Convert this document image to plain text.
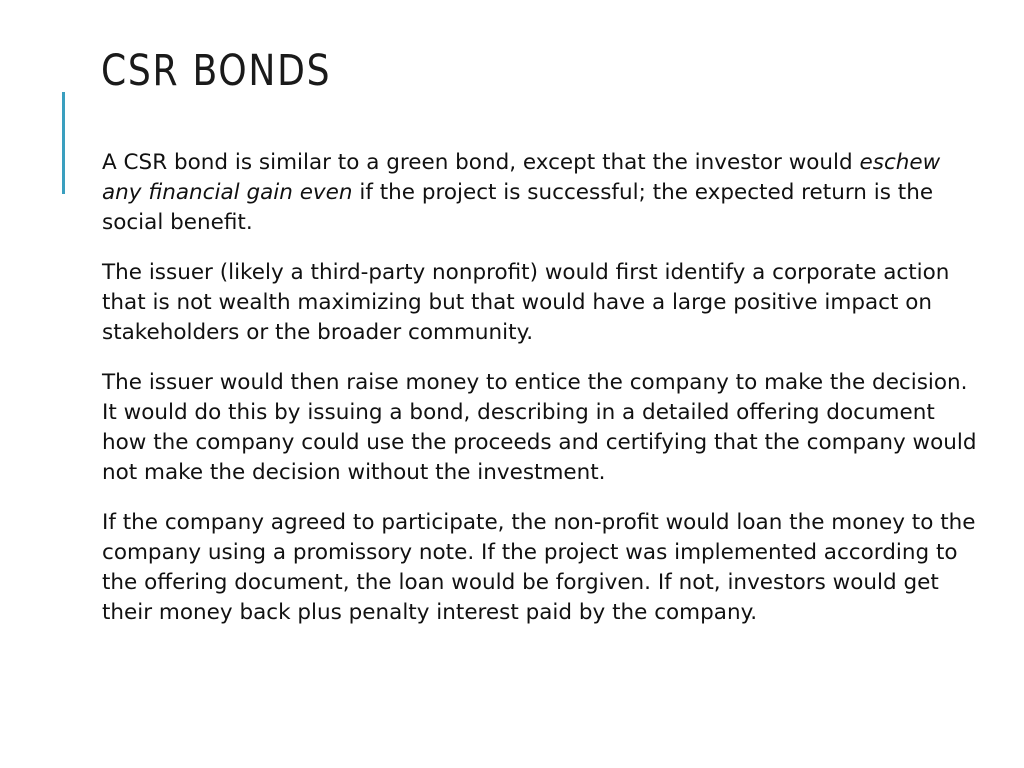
CSR BONDS

A CSR bond is similar to a green bond, except that the investor would eschew any financial gain even if the project is successful; the expected return is the social benefit.

The issuer (likely a third-party nonprofit) would first identify a corporate action that is not wealth maximizing but that would have a large positive impact on stakeholders or the broader community.

The issuer would then raise money to entice the company to make the decision. It would do this by issuing a bond, describing in a detailed offering document how the company could use the proceeds and certifying that the company would not make the decision without the investment.

If the company agreed to participate, the non-profit would loan the money to the company using a promissory note. If the project was implemented according to the offering document, the loan would be forgiven. If not, investors would get their money back plus penalty interest paid by the company.
